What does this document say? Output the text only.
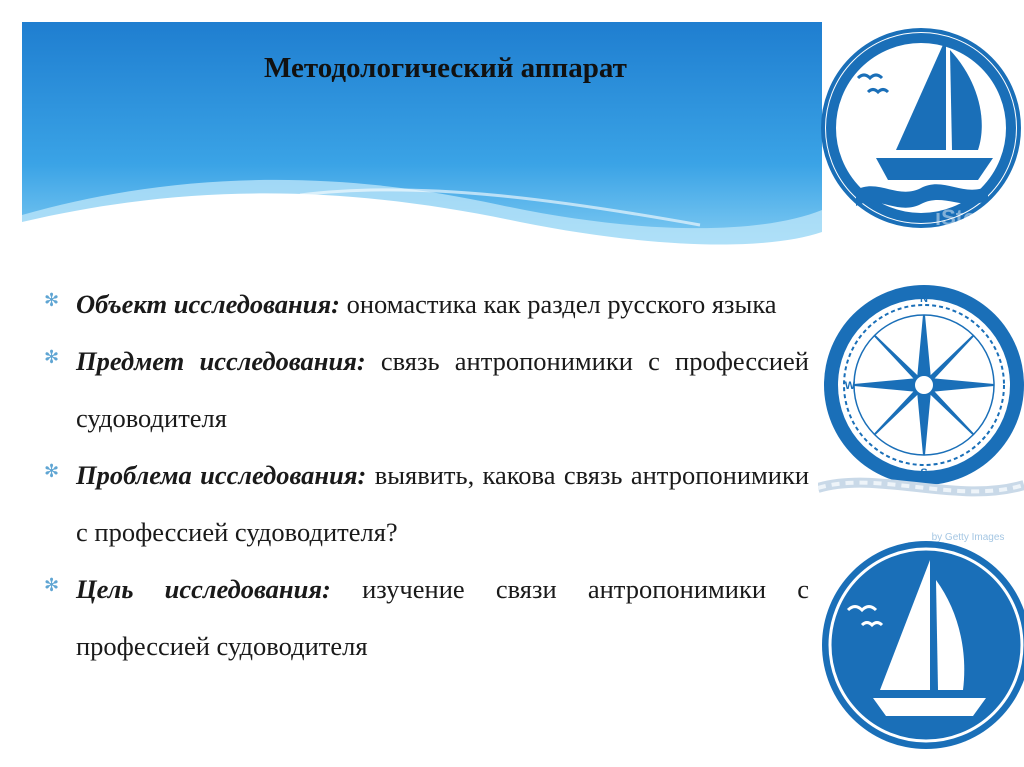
Методологический аппарат
✻ Объект исследования: ономастика как раздел русского языка
✻ Предмет исследования: связь антропонимики с профессией судоводителя
✻ Проблема исследования: выявить, какова связь антропонимики с профессией судоводителя?
✻ Цель исследования: изучение связи антропонимики с профессией судоводителя
N
S
W
iStock
by Getty Images
